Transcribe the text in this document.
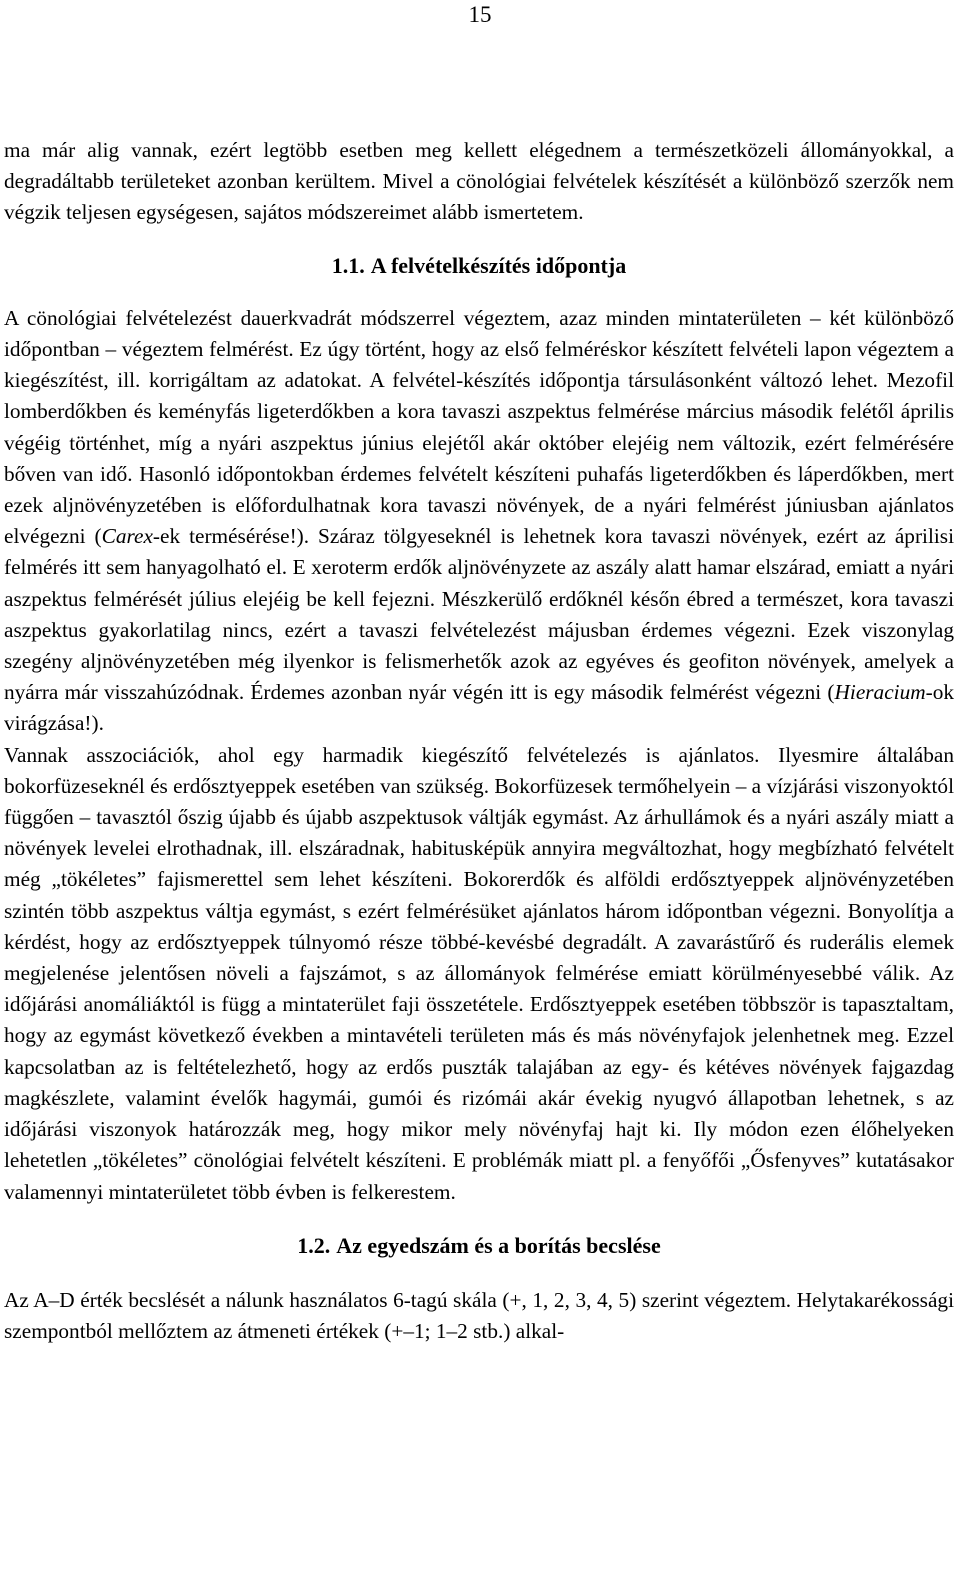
15

ma már alig vannak, ezért legtöbb esetben meg kellett elégednem a természetközeli állományokkal, a degradáltabb területeket azonban kerültem. Mivel a cönológiai felvételek készítését a különböző szerzők nem végzik teljesen egységesen, sajátos módszereimet alább ismertetem.

1.1. A felvételkészítés időpontja

A cönológiai felvételezést dauerkvadrát módszerrel végeztem, azaz minden mintaterületen – két különböző időpontban – végeztem felmérést. Ez úgy történt, hogy az első felméréskor készített felvételi lapon végeztem a kiegészítést, ill. korrigáltam az adatokat. A felvétel-készítés időpontja társulásonként változó lehet. Mezofil lomberdőkben és keményfás ligeterdőkben a kora tavaszi aszpektus felmérése március második felétől április végéig történhet, míg a nyári aszpektus június elejétől akár október elejéig nem változik, ezért felmérésére bőven van idő. Hasonló időpontokban érdemes felvételt készíteni puhafás ligeterdőkben és láperdőkben, mert ezek aljnövényzetében is előfordulhatnak kora tavaszi növények, de a nyári felmérést júniusban ajánlatos elvégezni (Carex-ek termésérése!). Száraz tölgyeseknél is lehetnek kora tavaszi növények, ezért az áprilisi felmérés itt sem hanyagolható el. E xeroterm erdők aljnövényzete az aszály alatt hamar elszárad, emiatt a nyári aszpektus felmérését július elejéig be kell fejezni. Mészkerülő erdőknél későn ébred a természet, kora tavaszi aszpektus gyakorlatilag nincs, ezért a tavaszi felvételezést májusban érdemes végezni. Ezek viszonylag szegény aljnövényzetében még ilyenkor is felismerhetők azok az egyéves és geofiton növények, amelyek a nyárra már visszahúzódnak. Érdemes azonban nyár végén itt is egy második felmérést végezni (Hieracium-ok virágzása!).

Vannak asszociációk, ahol egy harmadik kiegészítő felvételezés is ajánlatos. Ilyesmire általában bokorfüzeseknél és erdősztyeppek esetében van szükség. Bokorfüzesek termőhelyein – a vízjárási viszonyoktól függően – tavasztól őszig újabb és újabb aszpektusok váltják egymást. Az árhullámok és a nyári aszály miatt a növények levelei elrothadnak, ill. elszáradnak, habitusképük annyira megváltozhat, hogy megbízható felvételt még „tökéletes” fajismerettel sem lehet készíteni. Bokorerdők és alföldi erdősztyeppek aljnövényzetében szintén több aszpektus váltja egymást, s ezért felmérésüket ajánlatos három időpontban végezni. Bonyolítja a kérdést, hogy az erdősztyeppek túlnyomó része többé-kevésbé degradált. A zavarástűrő és ruderális elemek megjelenése jelentősen növeli a fajszámot, s az állományok felmérése emiatt körülményesebbé válik. Az időjárási anomáliáktól is függ a mintaterület faji összetétele. Erdősztyeppek esetében többször is tapasztaltam, hogy az egymást következő években a mintavételi területen más és más növényfajok jelenhetnek meg. Ezzel kapcsolatban az is feltételezhető, hogy az erdős puszták talajában az egy- és kétéves növények fajgazdag magkészlete, valamint évelők hagymái, gumói és rizómái akár évekig nyugvó állapotban lehetnek, s az időjárási viszonyok határozzák meg, hogy mikor mely növényfaj hajt ki. Ily módon ezen élőhelyeken lehetetlen „tökéletes” cönológiai felvételt készíteni. E problémák miatt pl. a fenyőfői „Ősfenyves” kutatásakor valamennyi mintaterületet több évben is felkerestem.

1.2. Az egyedszám és a borítás becslése

Az A–D érték becslését a nálunk használatos 6-tagú skála (+, 1, 2, 3, 4, 5) szerint végeztem. Helytakarékossági szempontból mellőztem az átmeneti értékek (+–1; 1–2 stb.) alkal-
